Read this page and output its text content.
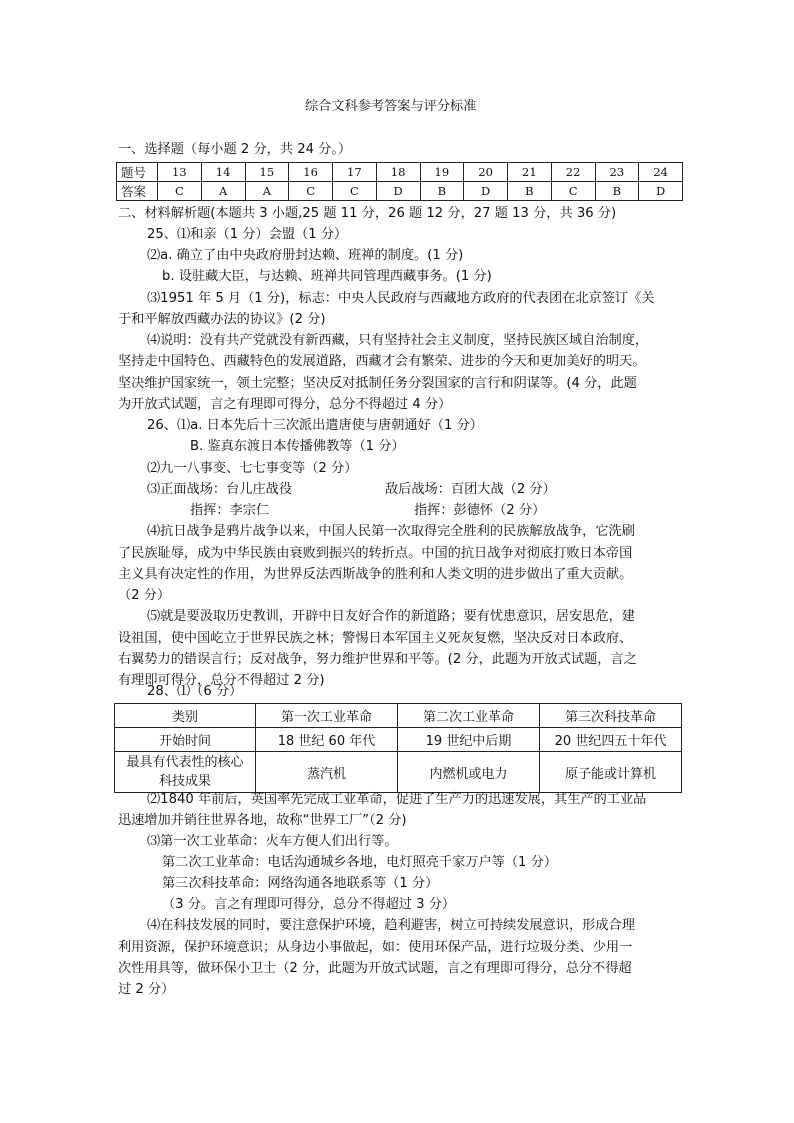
综合文科参考答案与评分标准
一、选择题（每小题 2 分，共 24 分。）
题号	13	14	15	16	17	18	19	20	21	22	23	24
答案	C	A	A	C	C	D	B	D	B	C	B	D
二、材料解析题(本题共 3 小题,25 题 11 分，26 题 12 分，27 题 13 分，共 36 分)
25、⑴和亲（1 分）会盟（1 分）
⑵a. 确立了由中央政府册封达赖、班禅的制度。(1 分)
b. 设驻藏大臣，与达赖、班禅共同管理西藏事务。(1 分)
⑶1951 年 5 月（1 分)，标志：中央人民政府与西藏地方政府的代表团在北京签订《关
于和平解放西藏办法的协议》(2 分)
⑷说明：没有共产党就没有新西藏，只有坚持社会主义制度，坚持民族区域自治制度，
坚持走中国特色、西藏特色的发展道路，西藏才会有繁荣、进步的今天和更加美好的明天。
坚决维护国家统一，领土完整；坚决反对抵制任务分裂国家的言行和阴谋等。(4 分，此题
为开放式试题，言之有理即可得分，总分不得超过 4 分）
26、⑴a. 日本先后十三次派出遣唐使与唐朝通好（1 分）
B. 鉴真东渡日本传播佛教等（1 分）
⑵九一八事变、七七事变等（2 分）
⑶正面战场：台儿庄战役	敌后战场：百团大战（2 分）
指挥：李宗仁	指挥：彭德怀（2 分）
⑷抗日战争是鸦片战争以来，中国人民第一次取得完全胜利的民族解放战争，它洗刷
了民族耻辱，成为中华民族由衰败到振兴的转折点。中国的抗日战争对彻底打败日本帝国
主义具有决定性的作用，为世界反法西斯战争的胜利和人类文明的进步做出了重大贡献。
（2 分）
⑸就是要汲取历史教训，开辟中日友好合作的新道路；要有忧患意识，居安思危，建
设祖国，使中国屹立于世界民族之林；警惕日本军国主义死灰复燃，坚决反对日本政府、
右翼势力的错误言行；反对战争，努力维护世界和平等。(2 分，此题为开放式试题，言之
有理即可得分，总分不得超过 2 分)
28、⑴（6 分）
类别	第一次工业革命	第二次工业革命	第三次科技革命
开始时间	18 世纪 60 年代	19 世纪中后期	20 世纪四五十年代

最具有代表性的核心
科技成果	蒸汽机	内燃机或电力	原子能或计算机
⑵1840 年前后，英国率先完成工业革命，促进了生产力的迅速发展，其生产的工业品
迅速增加并销往世界各地，故称“世界工厂”（2 分)
⑶第一次工业革命：火车方便人们出行等。
第二次工业革命：电话沟通城乡各地，电灯照亮千家万户等（1 分）
第三次科技革命：网络沟通各地联系等（1 分）
（3 分。言之有理即可得分，总分不得超过 3 分）
⑷在科技发展的同时，要注意保护环境，趋利避害，树立可持续发展意识，形成合理
利用资源，保护环境意识；从身边小事做起，如：使用环保产品，进行垃圾分类、少用一
次性用具等，做环保小卫士（2 分，此题为开放式试题，言之有理即可得分，总分不得超
过 2 分）
